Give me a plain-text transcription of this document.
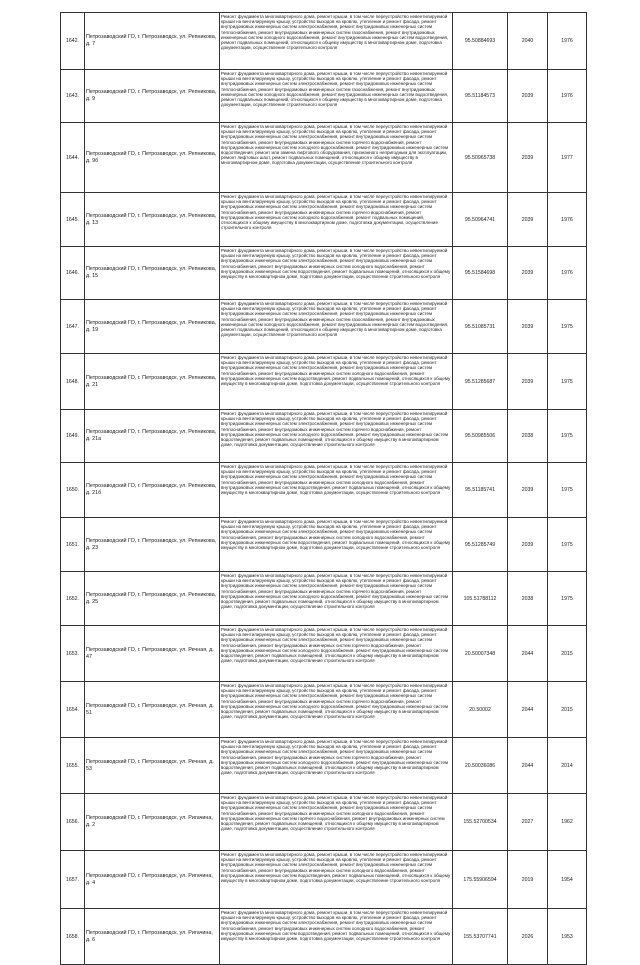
1642.	Петрозаводский ГО, г. Петрозаводск, ул. Репникова, д. 7	Ремонт фундамента многоквартирного дома, ремонт крыши, в том числе переустройство невентилируемой крыши на вентилируемую крышу, устройство выходов на кровлю, утепление и ремонт фасада, ремонт внутридомовых инженерных систем электроснабжения, ремонт внутридомовых инженерных систем теплоснабжения, ремонт внутридомовых инженерных систем газоснабжения, ремонт внутридомовых инженерных систем холодного водоснабжения, ремонт внутридомовых инженерных систем водоотведения, ремонт подвальных помещений, относящихся к общему имуществу в многоквартирном доме, подготовка документации, осуществление строительного контроля	95.50884693	2040	1976
1643.	Петрозаводский ГО, г. Петрозаводск, ул. Репникова, д. 9	Ремонт фундамента многоквартирного дома, ремонт крыши, в том числе переустройство невентилируемой крыши на вентилируемую крышу, устройство выходов на кровлю, утепление и ремонт фасада, ремонт внутридомовых инженерных систем электроснабжения, ремонт внутридомовых инженерных систем теплоснабжения, ремонт внутридомовых инженерных систем газоснабжения, ремонт внутридомовых инженерных систем холодного водоснабжения, ремонт внутридомовых инженерных систем водоотведения, ремонт подвальных помещений, относящихся к общему имуществу в многоквартирном доме, подготовка документации, осуществление строительного контроля	95.51184573	2039	1976
1644.	Петрозаводский ГО, г. Петрозаводск, ул. Репникова, д. 9б	Ремонт фундамента многоквартирного дома, ремонт крыши, в том числе переустройство невентилируемой крыши на вентилируемую крышу, устройство выходов на кровлю, утепление и ремонт фасада, ремонт внутридомовых инженерных систем электроснабжения, ремонт внутридомовых инженерных систем теплоснабжения, ремонт внутридомовых инженерных систем горячего водоснабжения, ремонт внутридомовых инженерных систем холодного водоснабжения, ремонт внутридомовых инженерных систем водоотведения, ремонт или замена лифтового оборудования, признанного непригодным для эксплуатации, ремонт лифтовых шахт, ремонт подвальных помещений, относящихся к общему имуществу в многоквартирном доме, подготовка документации, осуществление строительного контроля	95.50965738	2039	1977
1645.	Петрозаводский ГО, г. Петрозаводск, ул. Репникова, д. 13	Ремонт фундамента многоквартирного дома, ремонт крыши, в том числе переустройство невентилируемой крыши на вентилируемую крышу, устройство выходов на кровлю, утепление и ремонт фасада, ремонт внутридомовых инженерных систем электроснабжения, ремонт внутридомовых инженерных систем теплоснабжения, ремонт внутридомовых инженерных систем горячего водоснабжения, ремонт внутридомовых инженерных систем холодного водоснабжения, ремонт подвальных помещений, относящихся к общему имуществу в многоквартирном доме, подготовка документации, осуществление строительного контроля	95.50964741	2039	1976
1646.	Петрозаводский ГО, г. Петрозаводск, ул. Репникова, д. 15	Ремонт фундамента многоквартирного дома, ремонт крыши, в том числе переустройство невентилируемой крыши на вентилируемую крышу, устройство выходов на кровлю, утепление и ремонт фасада, ремонт внутридомовых инженерных систем электроснабжения, ремонт внутридомовых инженерных систем теплоснабжения, ремонт внутридомовых инженерных систем холодного водоснабжения, ремонт внутридомовых инженерных систем водоотведения, ремонт подвальных помещений, относящихся к общему имуществу в многоквартирном доме, подготовка документации, осуществление строительного контроля	95.51584698	2039	1976
1647.	Петрозаводский ГО, г. Петрозаводск, ул. Репникова, д. 19	Ремонт фундамента многоквартирного дома, ремонт крыши, в том числе переустройство невентилируемой крыши на вентилируемую крышу, устройство выходов на кровлю, утепление и ремонт фасада, ремонт внутридомовых инженерных систем электроснабжения, ремонт внутридомовых инженерных систем теплоснабжения, ремонт внутридомовых инженерных систем газоснабжения, ремонт внутридомовых инженерных систем холодного водоснабжения, ремонт внутридомовых инженерных систем водоотведения, ремонт подвальных помещений, относящихся к общему имуществу в многоквартирном доме, подготовка документации, осуществление строительного контроля	95.51085731	2039	1975
1648.	Петрозаводский ГО, г. Петрозаводск, ул. Репникова, д. 21	Ремонт фундамента многоквартирного дома, ремонт крыши, в том числе переустройство невентилируемой крыши на вентилируемую крышу, устройство выходов на кровлю, утепление и ремонт фасада, ремонт внутридомовых инженерных систем электроснабжения, ремонт внутридомовых инженерных систем теплоснабжения, ремонт внутридомовых инженерных систем холодного водоснабжения, ремонт внутридомовых инженерных систем водоотведения, ремонт подвальных помещений, относящихся к общему имуществу в многоквартирном доме, подготовка документации, осуществление строительного контроля	95.51285687	2039	1975
1649.	Петрозаводский ГО, г. Петрозаводск, ул. Репникова, д. 21а	Ремонт фундамента многоквартирного дома, ремонт крыши, в том числе переустройство невентилируемой крыши на вентилируемую крышу, устройство выходов на кровлю, утепление и ремонт фасада, ремонт внутридомовых инженерных систем электроснабжения, ремонт внутридомовых инженерных систем теплоснабжения, ремонт внутридомовых инженерных систем горячего водоснабжения, ремонт внутридомовых инженерных систем холодного водоснабжения, ремонт внутридомовых инженерных систем водоотведения, ремонт подвальных помещений, относящихся к общему имуществу в многоквартирном доме, подготовка документации, осуществление строительного контроля	95.50985506	2038	1975
1650.	Петрозаводский ГО, г. Петрозаводск, ул. Репникова, д. 21б	Ремонт фундамента многоквартирного дома, ремонт крыши, в том числе переустройство невентилируемой крыши на вентилируемую крышу, устройство выходов на кровлю, утепление и ремонт фасада, ремонт внутридомовых инженерных систем электроснабжения, ремонт внутридомовых инженерных систем теплоснабжения, ремонт внутридомовых инженерных систем холодного водоснабжения, ремонт внутридомовых инженерных систем водоотведения, ремонт подвальных помещений, относящихся к общему имуществу в многоквартирном доме, подготовка документации, осуществление строительного контроля	95.51185741	2039	1975
1651.	Петрозаводский ГО, г. Петрозаводск, ул. Репникова, д. 23	Ремонт фундамента многоквартирного дома, ремонт крыши, в том числе переустройство невентилируемой крыши на вентилируемую крышу, устройство выходов на кровлю, утепление и ремонт фасада, ремонт внутридомовых инженерных систем электроснабжения, ремонт внутридомовых инженерных систем теплоснабжения, ремонт внутридомовых инженерных систем холодного водоснабжения, ремонт внутридомовых инженерных систем водоотведения, ремонт подвальных помещений, относящихся к общему имуществу в многоквартирном доме, подготовка документации, осуществление строительного контроля	95.51285749	2039	1975
1652.	Петрозаводский ГО, г. Петрозаводск, ул. Репникова, д. 25	Ремонт фундамента многоквартирного дома, ремонт крыши, в том числе переустройство невентилируемой крыши на вентилируемую крышу, устройство выходов на кровлю, утепление и ремонт фасада, ремонт внутридомовых инженерных систем электроснабжения, ремонт внутридомовых инженерных систем теплоснабжения, ремонт внутридомовых инженерных систем горячего водоснабжения, ремонт внутридомовых инженерных систем холодного водоснабжения, ремонт внутридомовых инженерных систем водоотведения, ремонт подвальных помещений, относящихся к общему имуществу в многоквартирном доме, подготовка документации, осуществление строительного контроля	105.51788112	2038	1975
1653.	Петрозаводский ГО, г. Петрозаводск, ул. Речная, д. 47	Ремонт фундамента многоквартирного дома, ремонт крыши, в том числе переустройство невентилируемой крыши на вентилируемую крышу, устройство выходов на кровлю, утепление и ремонт фасада, ремонт внутридомовых инженерных систем электроснабжения, ремонт внутридомовых инженерных систем теплоснабжения, ремонт внутридомовых инженерных систем горячего водоснабжения, ремонт внутридомовых инженерных систем холодного водоснабжения, ремонт внутридомовых инженерных систем водоотведения, ремонт подвальных помещений, относящихся к общему имуществу в многоквартирном доме, подготовка документации, осуществление строительного контроля	20.50007348	2044	2015
1654.	Петрозаводский ГО, г. Петрозаводск, ул. Речная, д. 51	Ремонт фундамента многоквартирного дома, ремонт крыши, в том числе переустройство невентилируемой крыши на вентилируемую крышу, устройство выходов на кровлю, утепление и ремонт фасада, ремонт внутридомовых инженерных систем электроснабжения, ремонт внутридомовых инженерных систем теплоснабжения, ремонт внутридомовых инженерных систем горячего водоснабжения, ремонт внутридомовых инженерных систем холодного водоснабжения, ремонт внутридомовых инженерных систем водоотведения, ремонт подвальных помещений, относящихся к общему имуществу в многоквартирном доме, подготовка документации, осуществление строительного контроля	20.50002	2044	2015
1655.	Петрозаводский ГО, г. Петрозаводск, ул. Речная, д. 53	Ремонт фундамента многоквартирного дома, ремонт крыши, в том числе переустройство невентилируемой крыши на вентилируемую крышу, устройство выходов на кровлю, утепление и ремонт фасада, ремонт внутридомовых инженерных систем электроснабжения, ремонт внутридомовых инженерных систем теплоснабжения, ремонт внутридомовых инженерных систем горячего водоснабжения, ремонт внутридомовых инженерных систем холодного водоснабжения, ремонт внутридомовых инженерных систем водоотведения, ремонт подвальных помещений, относящихся к общему имуществу в многоквартирном доме, подготовка документации, осуществление строительного контроля	20.50036086	2044	2014
1656.	Петрозаводский ГО, г. Петрозаводск, ул. Ригачина, д. 2	Ремонт фундамента многоквартирного дома, ремонт крыши, в том числе переустройство невентилируемой крыши на вентилируемую крышу, устройство выходов на кровлю, утепление и ремонт фасада, ремонт внутридомовых инженерных систем электроснабжения, ремонт внутридомовых инженерных систем теплоснабжения, ремонт внутридомовых инженерных систем холодного водоснабжения, ремонт внутридомовых инженерных систем горячего водоснабжения, ремонт внутридомовых инженерных систем водоотведения, ремонт подвальных помещений, относящихся к общему имуществу в многоквартирном доме, подготовка документации, осуществление строительного контроля	155.52700534	2027	1962
1657.	Петрозаводский ГО, г. Петрозаводск, ул. Ригачина, д. 4	Ремонт фундамента многоквартирного дома, ремонт крыши, в том числе переустройство невентилируемой крыши на вентилируемую крышу, устройство выходов на кровлю, утепление и ремонт фасада, ремонт внутридомовых инженерных систем электроснабжения, ремонт внутридомовых инженерных систем теплоснабжения, ремонт внутридомовых инженерных систем холодного водоснабжения, ремонт внутридомовых инженерных систем водоотведения, ремонт подвальных помещений, относящихся к общему имуществу в многоквартирном доме, подготовка документации, осуществление строительного контроля	175.55906594	2019	1954
1658.	Петрозаводский ГО, г. Петрозаводск, ул. Ригачина, д. 6	Ремонт фундамента многоквартирного дома, ремонт крыши, в том числе переустройство невентилируемой крыши на вентилируемую крышу, устройство выходов на кровлю, утепление и ремонт фасада, ремонт внутридомовых инженерных систем электроснабжения, ремонт внутридомовых инженерных систем теплоснабжения, ремонт внутридомовых инженерных систем холодного водоснабжения, ремонт внутридомовых инженерных систем водоотведения, ремонт подвальных помещений, относящихся к общему имуществу в многоквартирном доме, подготовка документации, осуществление строительного контроля	155.53707741	2026	1953
